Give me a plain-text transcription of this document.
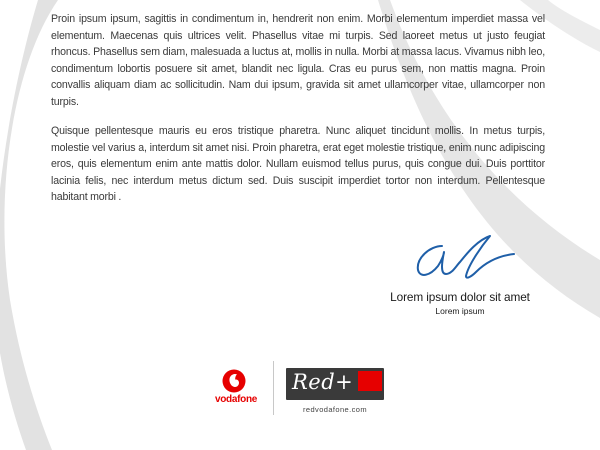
Proin ipsum ipsum, sagittis in condimentum in, hendrerit non enim. Morbi elementum imperdiet massa vel elementum. Maecenas quis ultrices velit. Phasellus vitae mi turpis. Sed laoreet metus ut justo feugiat rhoncus. Phasellus sem diam, malesuada a luctus at, mollis in nulla. Morbi at massa lacus. Vivamus nibh leo, condimentum lobortis posuere sit amet, blandit nec ligula. Cras eu purus sem, non mattis magna. Proin convallis aliquam diam ac sollicitudin. Nam dui ipsum, gravida sit amet ullamcorper vitae, ullamcorper non turpis.

Quisque pellentesque mauris eu eros tristique pharetra. Nunc aliquet tincidunt mollis. In metus turpis, molestie vel varius a, interdum sit amet nisi. Proin pharetra, erat eget molestie tristique, enim nunc adipiscing eros, quis elementum enim ante mattis dolor. Nullam euismod tellus purus, quis congue dui. Duis porttitor lacinia felis, nec interdum metus dictum sed. Duis suscipit imperdiet tortor non interdum. Pellentesque habitant morbi .

Lorem ipsum dolor sit amet
Lorem ipsum
vodafone
Red+
redvodafone.com
